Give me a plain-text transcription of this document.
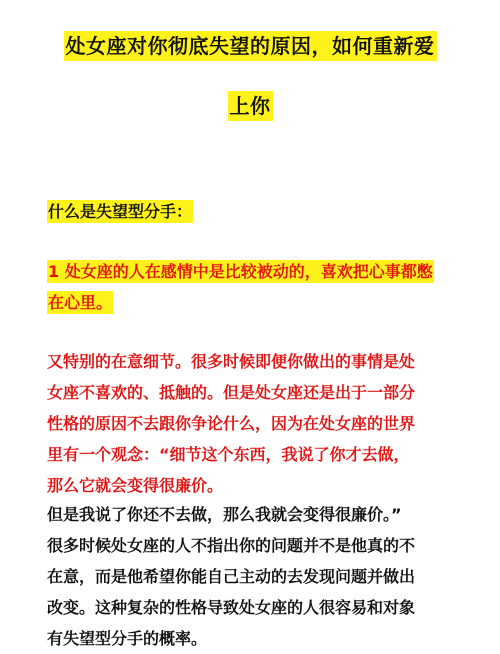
处女座对你彻底失望的原因，如何重新爱
上你
什么是失望型分手：
1 处女座的人在感情中是比较被动的，喜欢把心事都憋
在心里。
又特别的在意细节。很多时候即便你做出的事情是处
女座不喜欢的、抵触的。但是处女座还是出于一部分
性格的原因不去跟你争论什么，因为在处女座的世界
里有一个观念：“细节这个东西，我说了你才去做，
那么它就会变得很廉价。
但是我说了你还不去做，那么我就会变得很廉价。”
很多时候处女座的人不指出你的问题并不是他真的不
在意，而是他希望你能自己主动的去发现问题并做出
改变。这种复杂的性格导致处女座的人很容易和对象
有失望型分手的概率。
